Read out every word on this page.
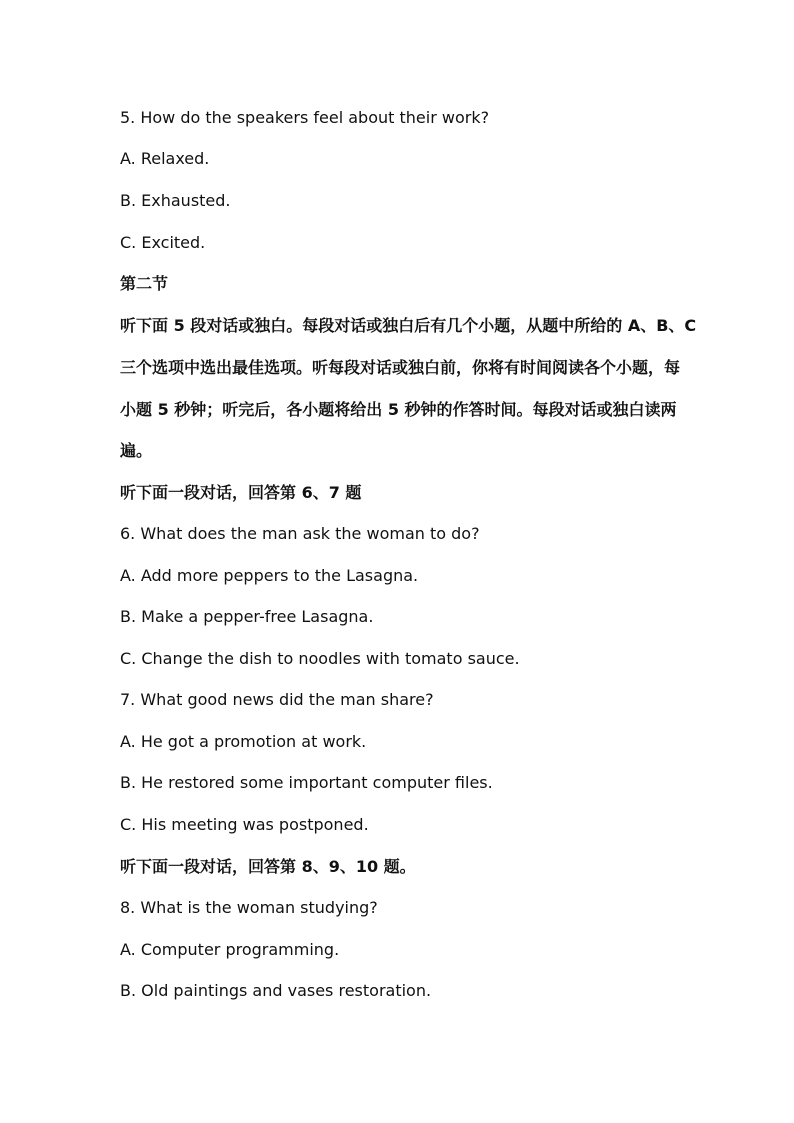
5. How do the speakers feel about their work?
A. Relaxed.
B. Exhausted.
C. Excited.
第二节
听下面 5 段对话或独白。每段对话或独白后有几个小题，从题中所给的 A、B、C
三个选项中选出最佳选项。听每段对话或独白前，你将有时间阅读各个小题，每
小题 5 秒钟；听完后，各小题将给出 5 秒钟的作答时间。每段对话或独白读两
遍。
听下面一段对话，回答第 6、7 题
6. What does the man ask the woman to do?
A. Add more peppers to the Lasagna.
B. Make a pepper-free Lasagna.
C. Change the dish to noodles with tomato sauce.
7. What good news did the man share?
A. He got a promotion at work.
B. He restored some important computer files.
C. His meeting was postponed.
听下面一段对话，回答第 8、9、10 题。
8. What is the woman studying?
A. Computer programming.
B. Old paintings and vases restoration.
